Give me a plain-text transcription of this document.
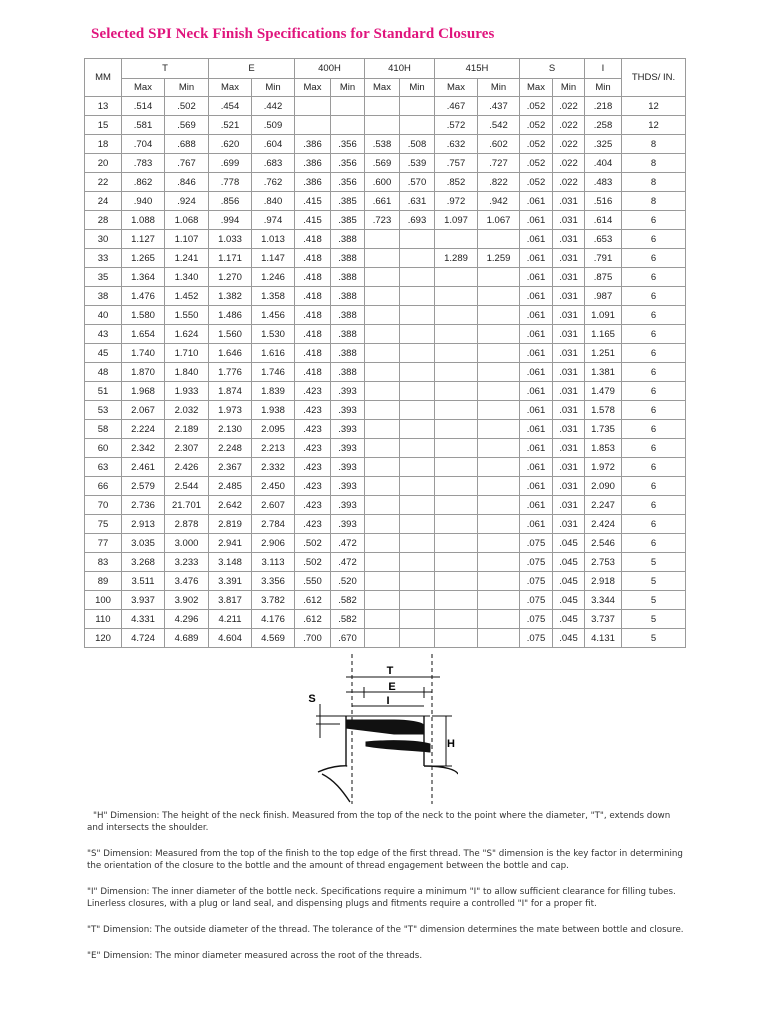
Selected SPI Neck Finish Specifications for Standard Closures
MM	T		E		400H		410H		415H		S		I	THDS/ IN.
	Max	Min	Max	Min	Max	Min	Max	Min	Max	Min	Max	Min	Min	
13	.514	.502	.454	.442					.467	.437	.052	.022	.218	12
15	.581	.569	.521	.509					.572	.542	.052	.022	.258	12
18	.704	.688	.620	.604	.386	.356	.538	.508	.632	.602	.052	.022	.325	8
20	.783	.767	.699	.683	.386	.356	.569	.539	.757	.727	.052	.022	.404	8
22	.862	.846	.778	.762	.386	.356	.600	.570	.852	.822	.052	.022	.483	8
24	.940	.924	.856	.840	.415	.385	.661	.631	.972	.942	.061	.031	.516	8
28	1.088	1.068	.994	.974	.415	.385	.723	.693	1.097	1.067	.061	.031	.614	6
30	1.127	1.107	1.033	1.013	.418	.388					.061	.031	.653	6
33	1.265	1.241	1.171	1.147	.418	.388			1.289	1.259	.061	.031	.791	6
35	1.364	1.340	1.270	1.246	.418	.388					.061	.031	.875	6
38	1.476	1.452	1.382	1.358	.418	.388					.061	.031	.987	6
40	1.580	1.550	1.486	1.456	.418	.388					.061	.031	1.091	6
43	1.654	1.624	1.560	1.530	.418	.388					.061	.031	1.165	6
45	1.740	1.710	1.646	1.616	.418	.388					.061	.031	1.251	6
48	1.870	1.840	1.776	1.746	.418	.388					.061	.031	1.381	6
51	1.968	1.933	1.874	1.839	.423	.393					.061	.031	1.479	6
53	2.067	2.032	1.973	1.938	.423	.393					.061	.031	1.578	6
58	2.224	2.189	2.130	2.095	.423	.393					.061	.031	1.735	6
60	2.342	2.307	2.248	2.213	.423	.393					.061	.031	1.853	6
63	2.461	2.426	2.367	2.332	.423	.393					.061	.031	1.972	6
66	2.579	2.544	2.485	2.450	.423	.393					.061	.031	2.090	6
70	2.736	21.701	2.642	2.607	.423	.393					.061	.031	2.247	6
75	2.913	2.878	2.819	2.784	.423	.393					.061	.031	2.424	6
77	3.035	3.000	2.941	2.906	.502	.472					.075	.045	2.546	6
83	3.268	3.233	3.148	3.113	.502	.472					.075	.045	2.753	5
89	3.511	3.476	3.391	3.356	.550	.520					.075	.045	2.918	5
100	3.937	3.902	3.817	3.782	.612	.582					.075	.045	3.344	5
110	4.331	4.296	4.211	4.176	.612	.582					.075	.045	3.737	5
120	4.724	4.689	4.604	4.569	.700	.670					.075	.045	4.131	5
T
E
I
S
H

"H" Dimension: The height of the neck finish. Measured from the top of the neck to the point where the diameter, "T", extends down and intersects the shoulder.

"S" Dimension: Measured from the top of the finish to the top edge of the first thread. The "S" dimension is the key factor in determining the orientation of the closure to the bottle and the amount of thread engagement between the bottle and cap.

"I" Dimension: The inner diameter of the bottle neck. Specifications require a minimum "I" to allow sufficient clearance for filling tubes. Linerless closures, with a plug or land seal, and dispensing plugs and fitments require a controlled "I" for a proper fit.

"T" Dimension: The outside diameter of the thread. The tolerance of the "T" dimension determines the mate between bottle and closure.

"E" Dimension: The minor diameter measured across the root of the threads.
